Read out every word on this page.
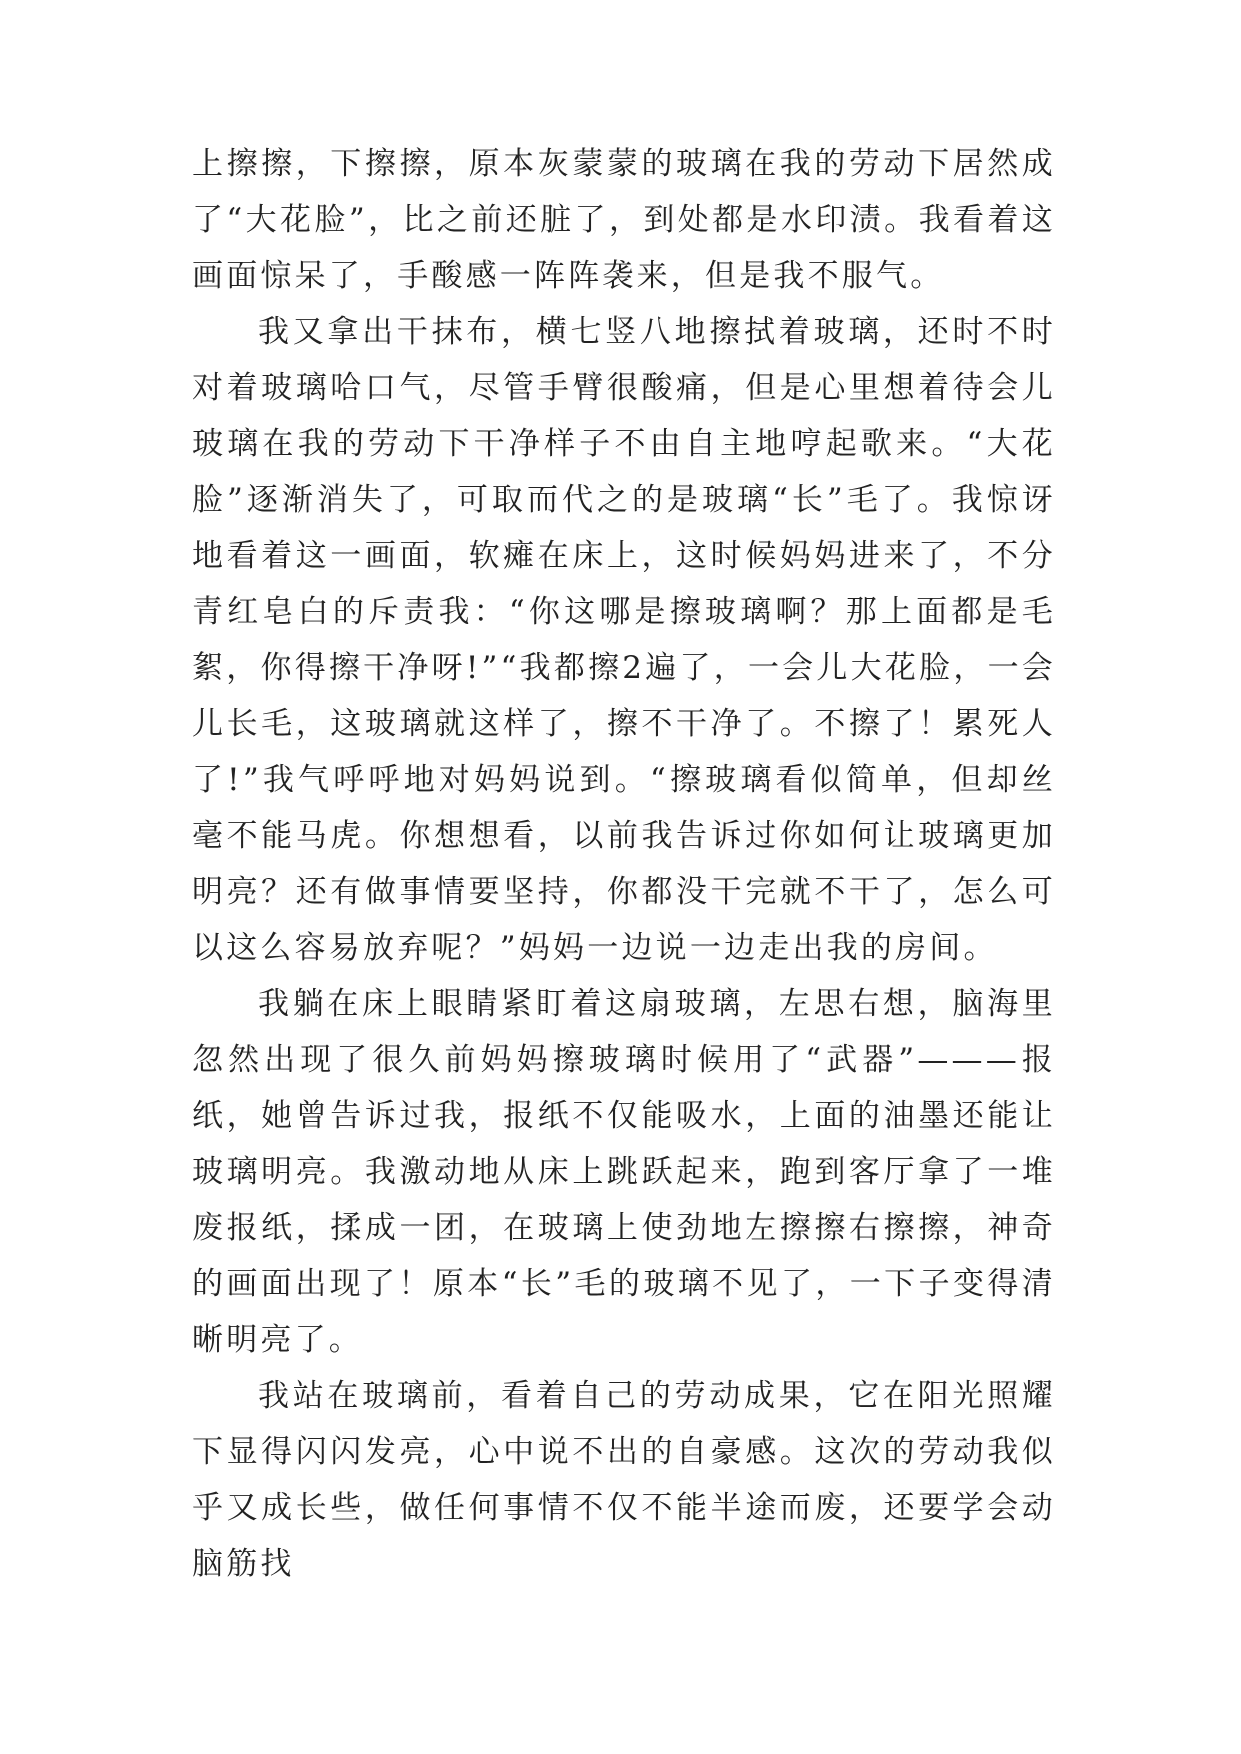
上擦擦，下擦擦，原本灰蒙蒙的玻璃在我的劳动下居然成了“大花脸”，比之前还脏了，到处都是水印渍。我看着这画面惊呆了，手酸感一阵阵袭来，但是我不服气。

我又拿出干抹布，横七竖八地擦拭着玻璃，还时不时对着玻璃哈口气，尽管手臂很酸痛，但是心里想着待会儿玻璃在我的劳动下干净样子不由自主地哼起歌来。“大花脸”逐渐消失了，可取而代之的是玻璃“长”毛了。我惊讶地看着这一画面，软瘫在床上，这时候妈妈进来了，不分青红皂白的斥责我：“你这哪是擦玻璃啊？那上面都是毛絮，你得擦干净呀!”“我都擦2遍了，一会儿大花脸，一会儿长毛，这玻璃就这样了，擦不干净了。不擦了！累死人了!”我气呼呼地对妈妈说到。“擦玻璃看似简单，但却丝毫不能马虎。你想想看，以前我告诉过你如何让玻璃更加明亮？还有做事情要坚持，你都没干完就不干了，怎么可以这么容易放弃呢？”妈妈一边说一边走出我的房间。

我躺在床上眼睛紧盯着这扇玻璃，左思右想，脑海里忽然出现了很久前妈妈擦玻璃时候用了“武器”———报纸，她曾告诉过我，报纸不仅能吸水，上面的油墨还能让玻璃明亮。我激动地从床上跳跃起来，跑到客厅拿了一堆废报纸，揉成一团，在玻璃上使劲地左擦擦右擦擦，神奇的画面出现了！原本“长”毛的玻璃不见了，一下子变得清晰明亮了。

我站在玻璃前，看着自己的劳动成果，它在阳光照耀下显得闪闪发亮，心中说不出的自豪感。这次的劳动我似乎又成长些，做任何事情不仅不能半途而废，还要学会动脑筋找
